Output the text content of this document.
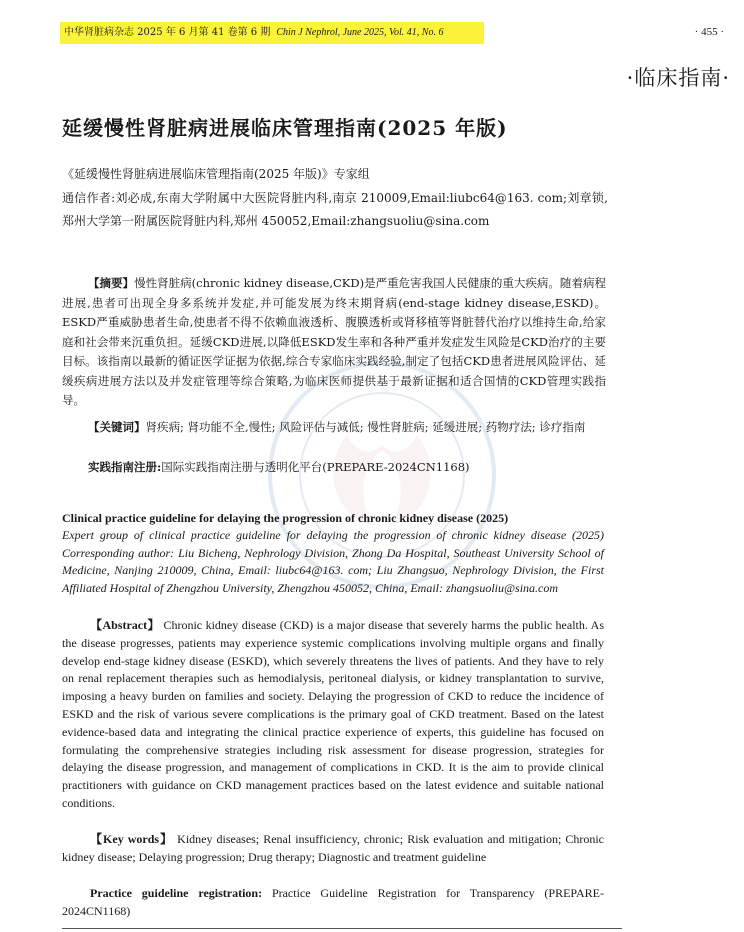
中华肾脏病杂志 2025 年 6 月第 41 卷第 6 期 Chin J Nephrol, June 2025, Vol. 41, No. 6	· 455 ·
·临床指南·
延缓慢性肾脏病进展临床管理指南(2025 年版)
《延缓慢性肾脏病进展临床管理指南(2025 年版)》专家组
通信作者:刘必成,东南大学附属中大医院肾脏内科,南京 210009,Email:liubc64@163. com;刘章锁,郑州大学第一附属医院肾脏内科,郑州 450052,Email:zhangsuoliu@sina.com
【摘要】慢性肾脏病(chronic kidney disease,CKD)是严重危害我国人民健康的重大疾病。随着病程进展,患者可出现全身多系统并发症,并可能发展为终末期肾病(end-stage kidney disease,ESKD)。ESKD严重威胁患者生命,使患者不得不依赖血液透析、腹膜透析或肾移植等肾脏替代治疗以维持生命,给家庭和社会带来沉重负担。延缓CKD进展,以降低ESKD发生率和各种严重并发症发生风险是CKD治疗的主要目标。该指南以最新的循证医学证据为依据,综合专家临床实践经验,制定了包括CKD患者进展风险评估、延缓疾病进展方法以及并发症管理等综合策略,为临床医师提供基于最新证据和适合国情的CKD管理实践指导。
【关键词】肾疾病; 肾功能不全,慢性; 风险评估与减低; 慢性肾脏病; 延缓进展; 药物疗法; 诊疗指南
实践指南注册:国际实践指南注册与透明化平台(PREPARE-2024CN1168)
Clinical practice guideline for delaying the progression of chronic kidney disease (2025)
Expert group of clinical practice guideline for delaying the progression of chronic kidney disease (2025) Corresponding author: Liu Bicheng, Nephrology Division, Zhong Da Hospital, Southeast University School of Medicine, Nanjing 210009, China, Email: liubc64@163. com; Liu Zhangsuo, Nephrology Division, the First Affiliated Hospital of Zhengzhou University, Zhengzhou 450052, China, Email: zhangsuoliu@sina.com
【Abstract】 Chronic kidney disease (CKD) is a major disease that severely harms the public health. As the disease progresses, patients may experience systemic complications involving multiple organs and finally develop end-stage kidney disease (ESKD), which severely threatens the lives of patients. And they have to rely on renal replacement therapies such as hemodialysis, peritoneal dialysis, or kidney transplantation to survive, imposing a heavy burden on families and society. Delaying the progression of CKD to reduce the incidence of ESKD and the risk of various severe complications is the primary goal of CKD treatment. Based on the latest evidence-based data and integrating the clinical practice experience of experts, this guideline has focused on formulating the comprehensive strategies including risk assessment for disease progression, strategies for delaying the disease progression, and management of complications in CKD. It is the aim to provide clinical practitioners with guidance on CKD management practices based on the latest evidence and suitable national conditions.
【Key words】 Kidney diseases; Renal insufficiency, chronic; Risk evaluation and mitigation; Chronic kidney disease; Delaying progression; Drug therapy; Diagnostic and treatment guideline
Practice guideline registration: Practice Guideline Registration for Transparency (PREPARE-2024CN1168)
